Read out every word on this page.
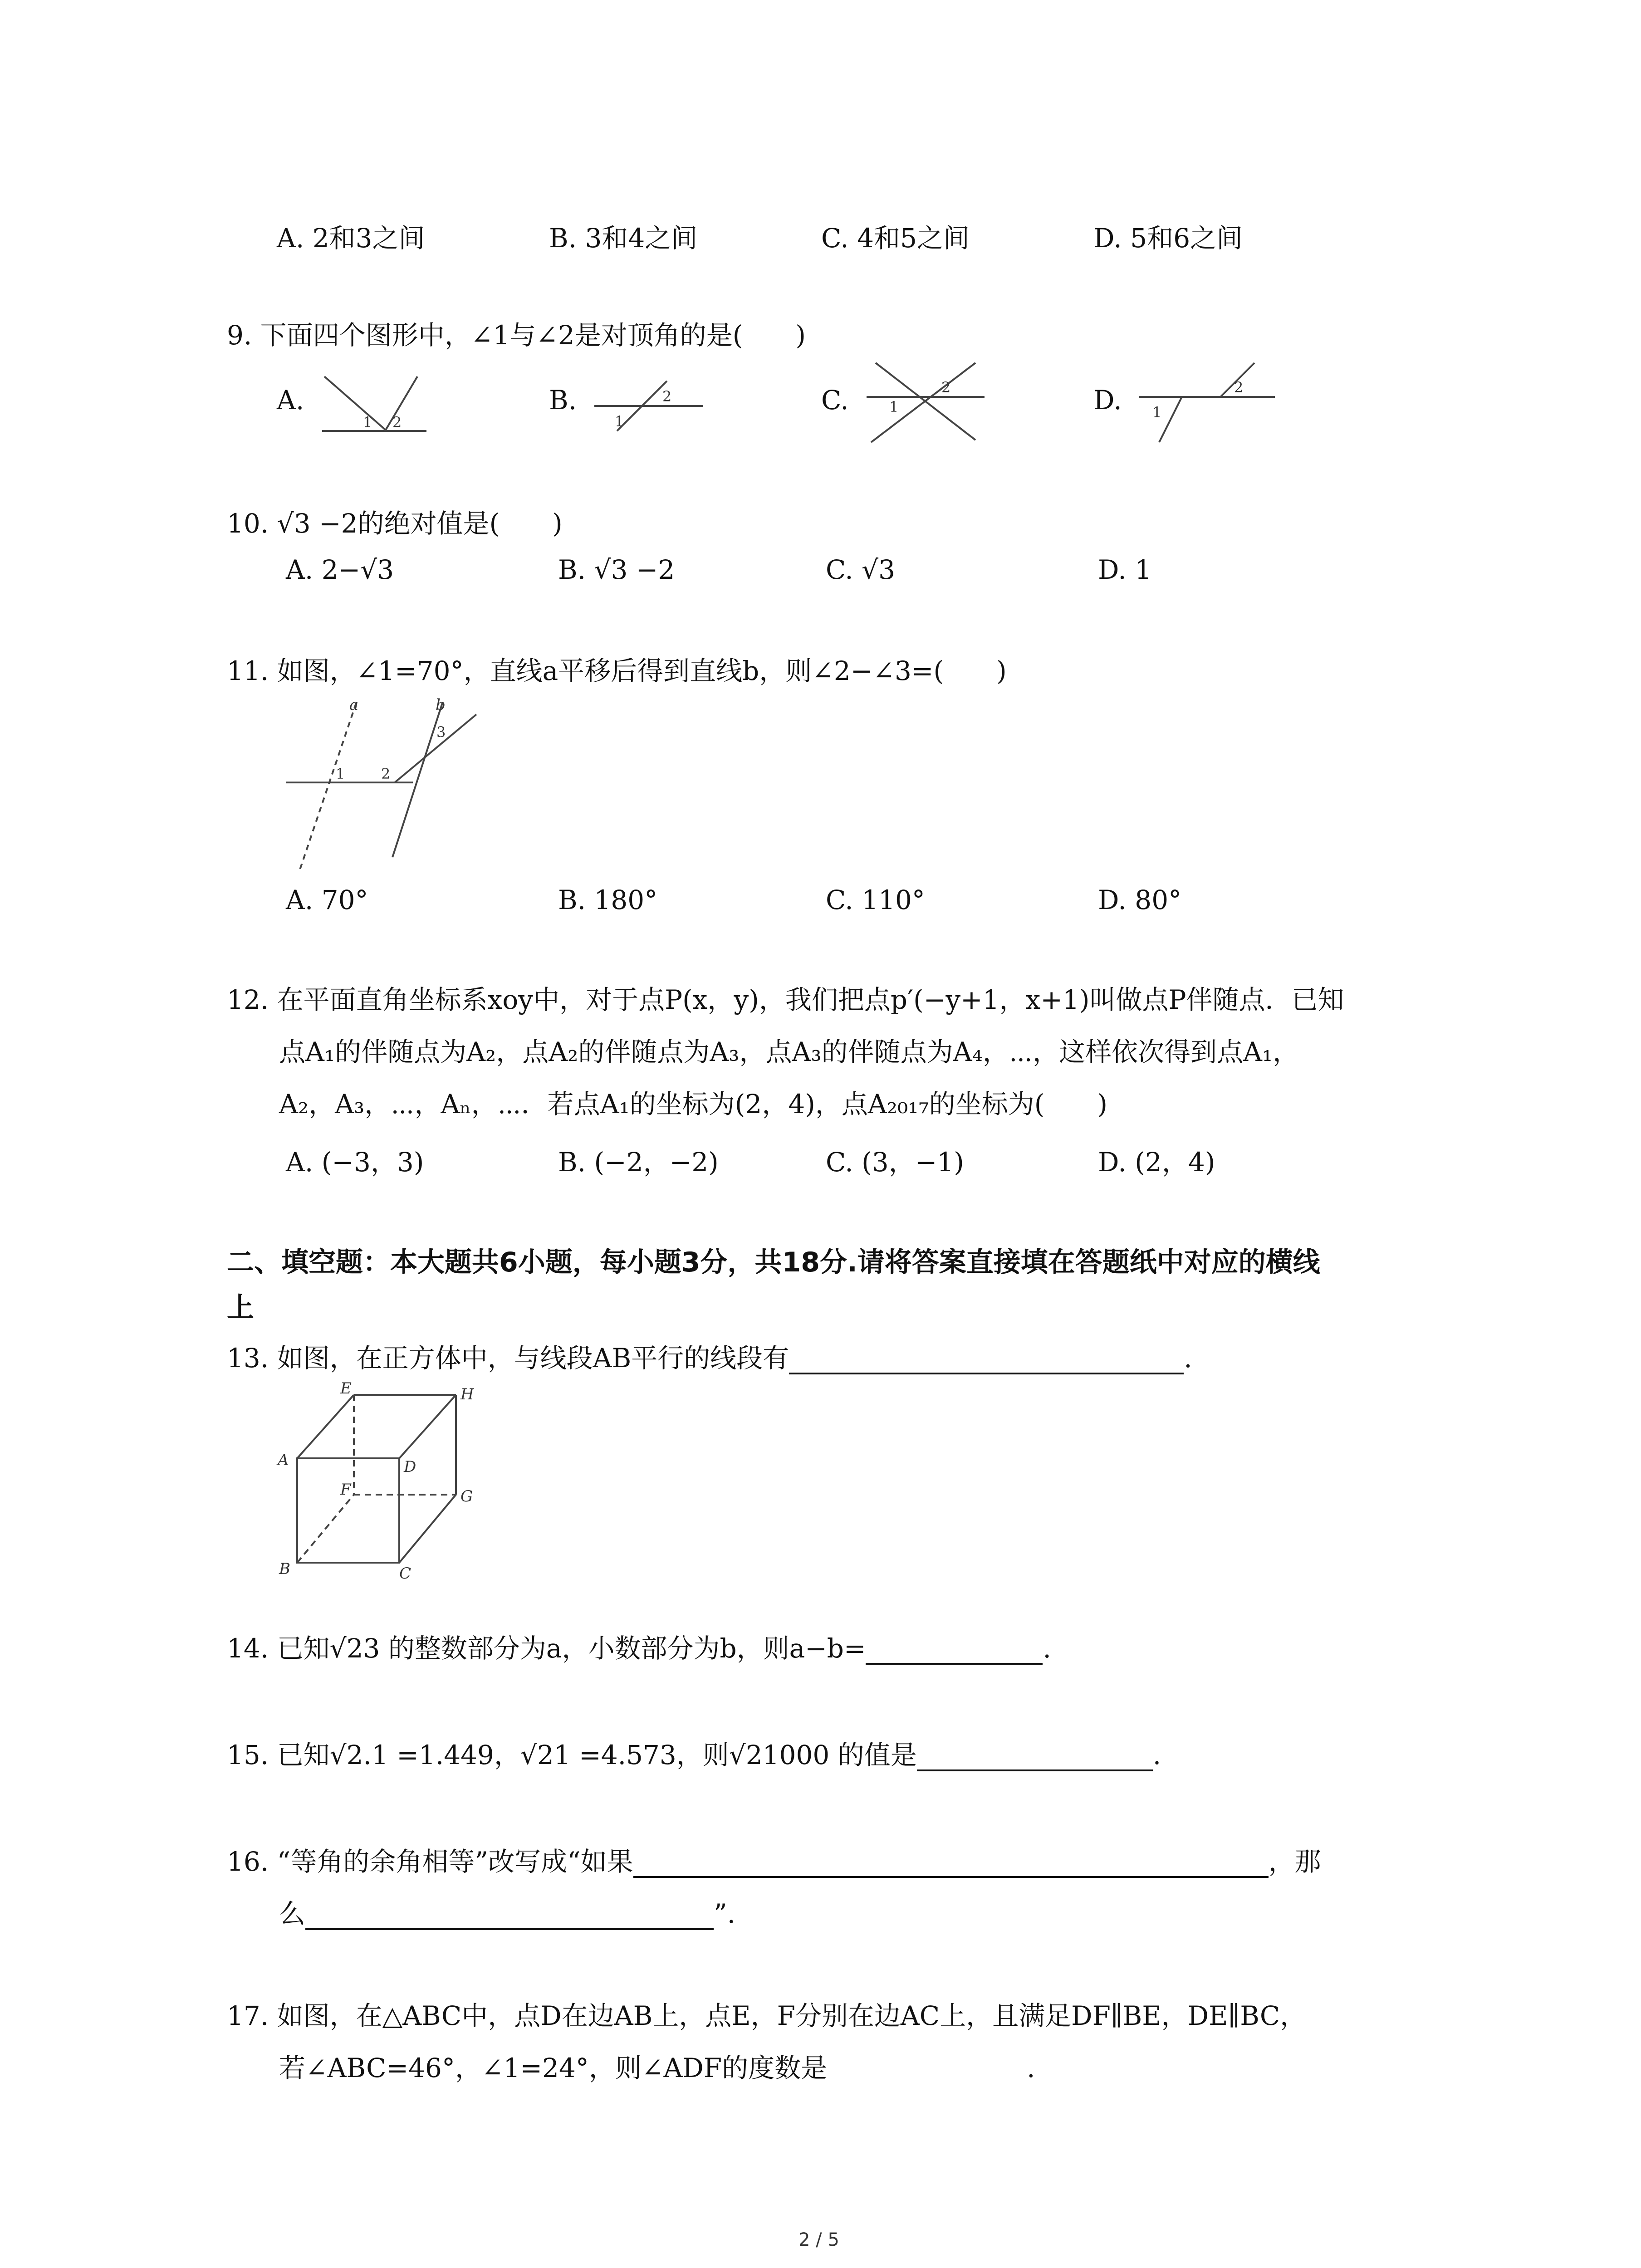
A. 2和3之间	B. 3和4之间	C. 4和5之间	D. 5和6之间
9. 下面四个图形中，∠1与∠2是对顶角的是(　　)
A.	B.	C.	D.
1 2	1
2
1
2
1
2
10. √3 −2的绝对值是(　　)
A. 2−√3	B. √3 −2	C. √3	D. 1
11. 如图，∠1=70°，直线a平移后得到直线b，则∠2−∠3=(　　)
a	b
1 2
3
A. 70°	B. 180°	C. 110°	D. 80°
12. 在平面直角坐标系xoy中，对于点P(x，y)，我们把点p′(−y+1，x+1)叫做点P伴随点．已知
点A₁的伴随点为A₂，点A₂的伴随点为A₃，点A₃的伴随点为A₄，⋯，这样依次得到点A₁，
A₂，A₃，⋯，Aₙ，⋯．若点A₁的坐标为(2，4)，点A₂₀₁₇的坐标为(　　)
A. (−3，3)	B. (−2，−2)	C. (3，−1)	D. (2，4)
二、填空题：本大题共6小题，每小题3分，共18分.请将答案直接填在答题纸中对应的横线
上
13. 如图，在正方体中，与线段AB平行的线段有	.
E	H
A	D
F	G
B	C
14. 已知√23 的整数部分为a，小数部分为b，则a−b=	.
15. 已知√2.1 =1.449，√21 =4.573，则√21000 的值是	.
16. “等角的余角相等”改写成“如果	，那
么	”.
17. 如图，在△ABC中，点D在边AB上，点E，F分别在边AC上，且满足DF∥BE，DE∥BC，
若∠ABC=46°，∠1=24°，则∠ADF的度数是	.
2 / 5
